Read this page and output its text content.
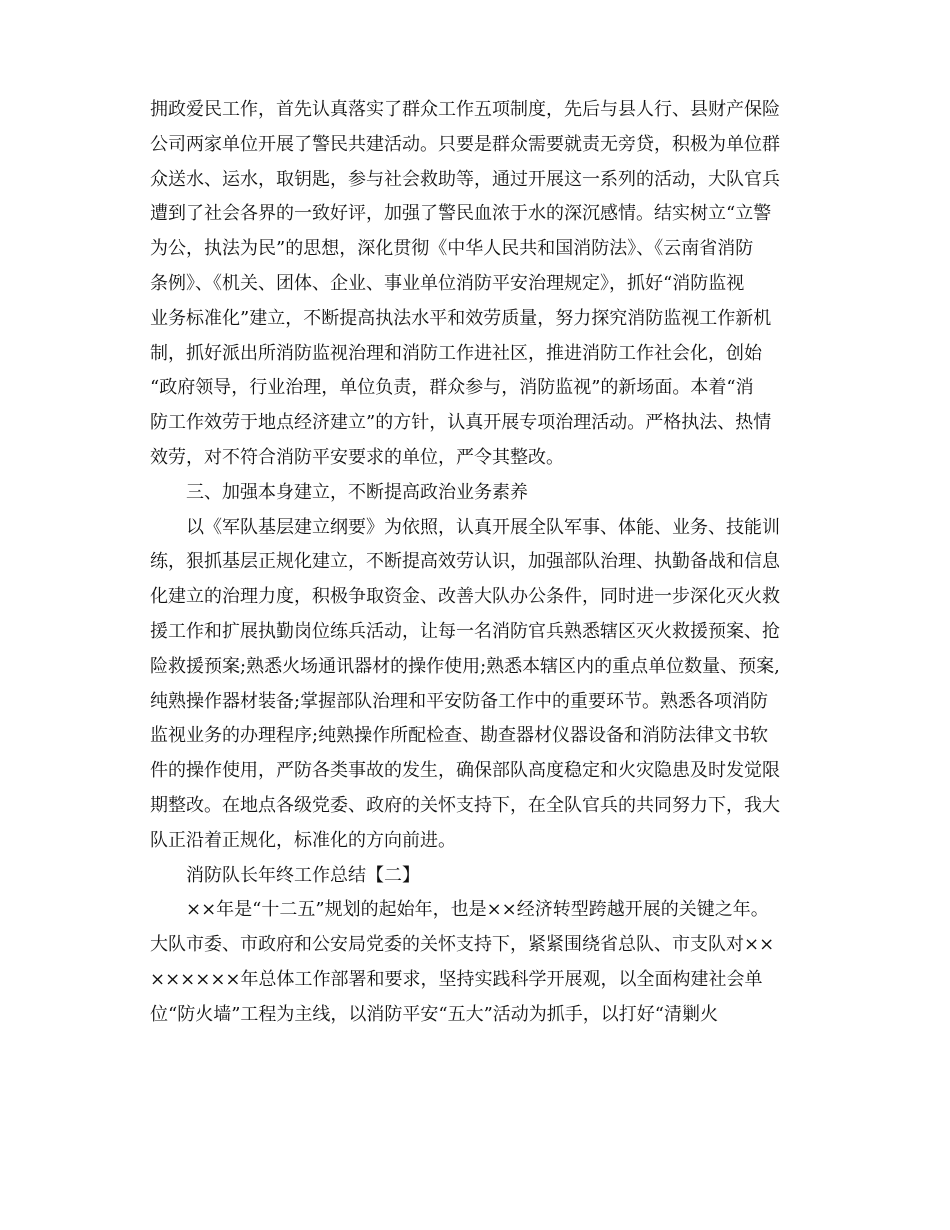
拥政爱民工作，首先认真落实了群众工作五项制度，先后与县人行、县财产保险
公司两家单位开展了警民共建活动。只要是群众需要就责无旁贷，积极为单位群
众送水、运水，取钥匙，参与社会救助等，通过开展这一系列的活动，大队官兵
遭到了社会各界的一致好评，加强了警民血浓于水的深沉感情。结实树立“立警
为公，执法为民”的思想，深化贯彻《中华人民共和国消防法》、《云南省消防
条例》、《机关、团体、企业、事业单位消防平安治理规定》，抓好“消防监视
业务标准化”建立，不断提高执法水平和效劳质量，努力探究消防监视工作新机
制，抓好派出所消防监视治理和消防工作进社区，推进消防工作社会化，创始
“政府领导，行业治理，单位负责，群众参与，消防监视”的新场面。本着“消
防工作效劳于地点经济建立”的方针，认真开展专项治理活动。严格执法、热情
效劳，对不符合消防平安要求的单位，严令其整改。
三、加强本身建立，不断提高政治业务素养
以《军队基层建立纲要》为依照，认真开展全队军事、体能、业务、技能训
练，狠抓基层正规化建立，不断提高效劳认识，加强部队治理、执勤备战和信息
化建立的治理力度，积极争取资金、改善大队办公条件，同时进一步深化灭火救
援工作和扩展执勤岗位练兵活动，让每一名消防官兵熟悉辖区灭火救援预案、抢
险救援预案;熟悉火场通讯器材的操作使用;熟悉本辖区内的重点单位数量、预案,
纯熟操作器材装备;掌握部队治理和平安防备工作中的重要环节。熟悉各项消防
监视业务的办理程序;纯熟操作所配检查、勘查器材仪器设备和消防法律文书软
件的操作使用，严防各类事故的发生，确保部队高度稳定和火灾隐患及时发觉限
期整改。在地点各级党委、政府的关怀支持下，在全队官兵的共同努力下，我大
队正沿着正规化，标准化的方向前进。
消防队长年终工作总结【二】
××年是“十二五”规划的起始年，也是××经济转型跨越开展的关键之年。
大队市委、市政府和公安局党委的关怀支持下，紧紧围绕省总队、市支队对××
××××××年总体工作部署和要求，坚持实践科学开展观，以全面构建社会单
位“防火墙”工程为主线，以消防平安“五大”活动为抓手，以打好“清剿火
